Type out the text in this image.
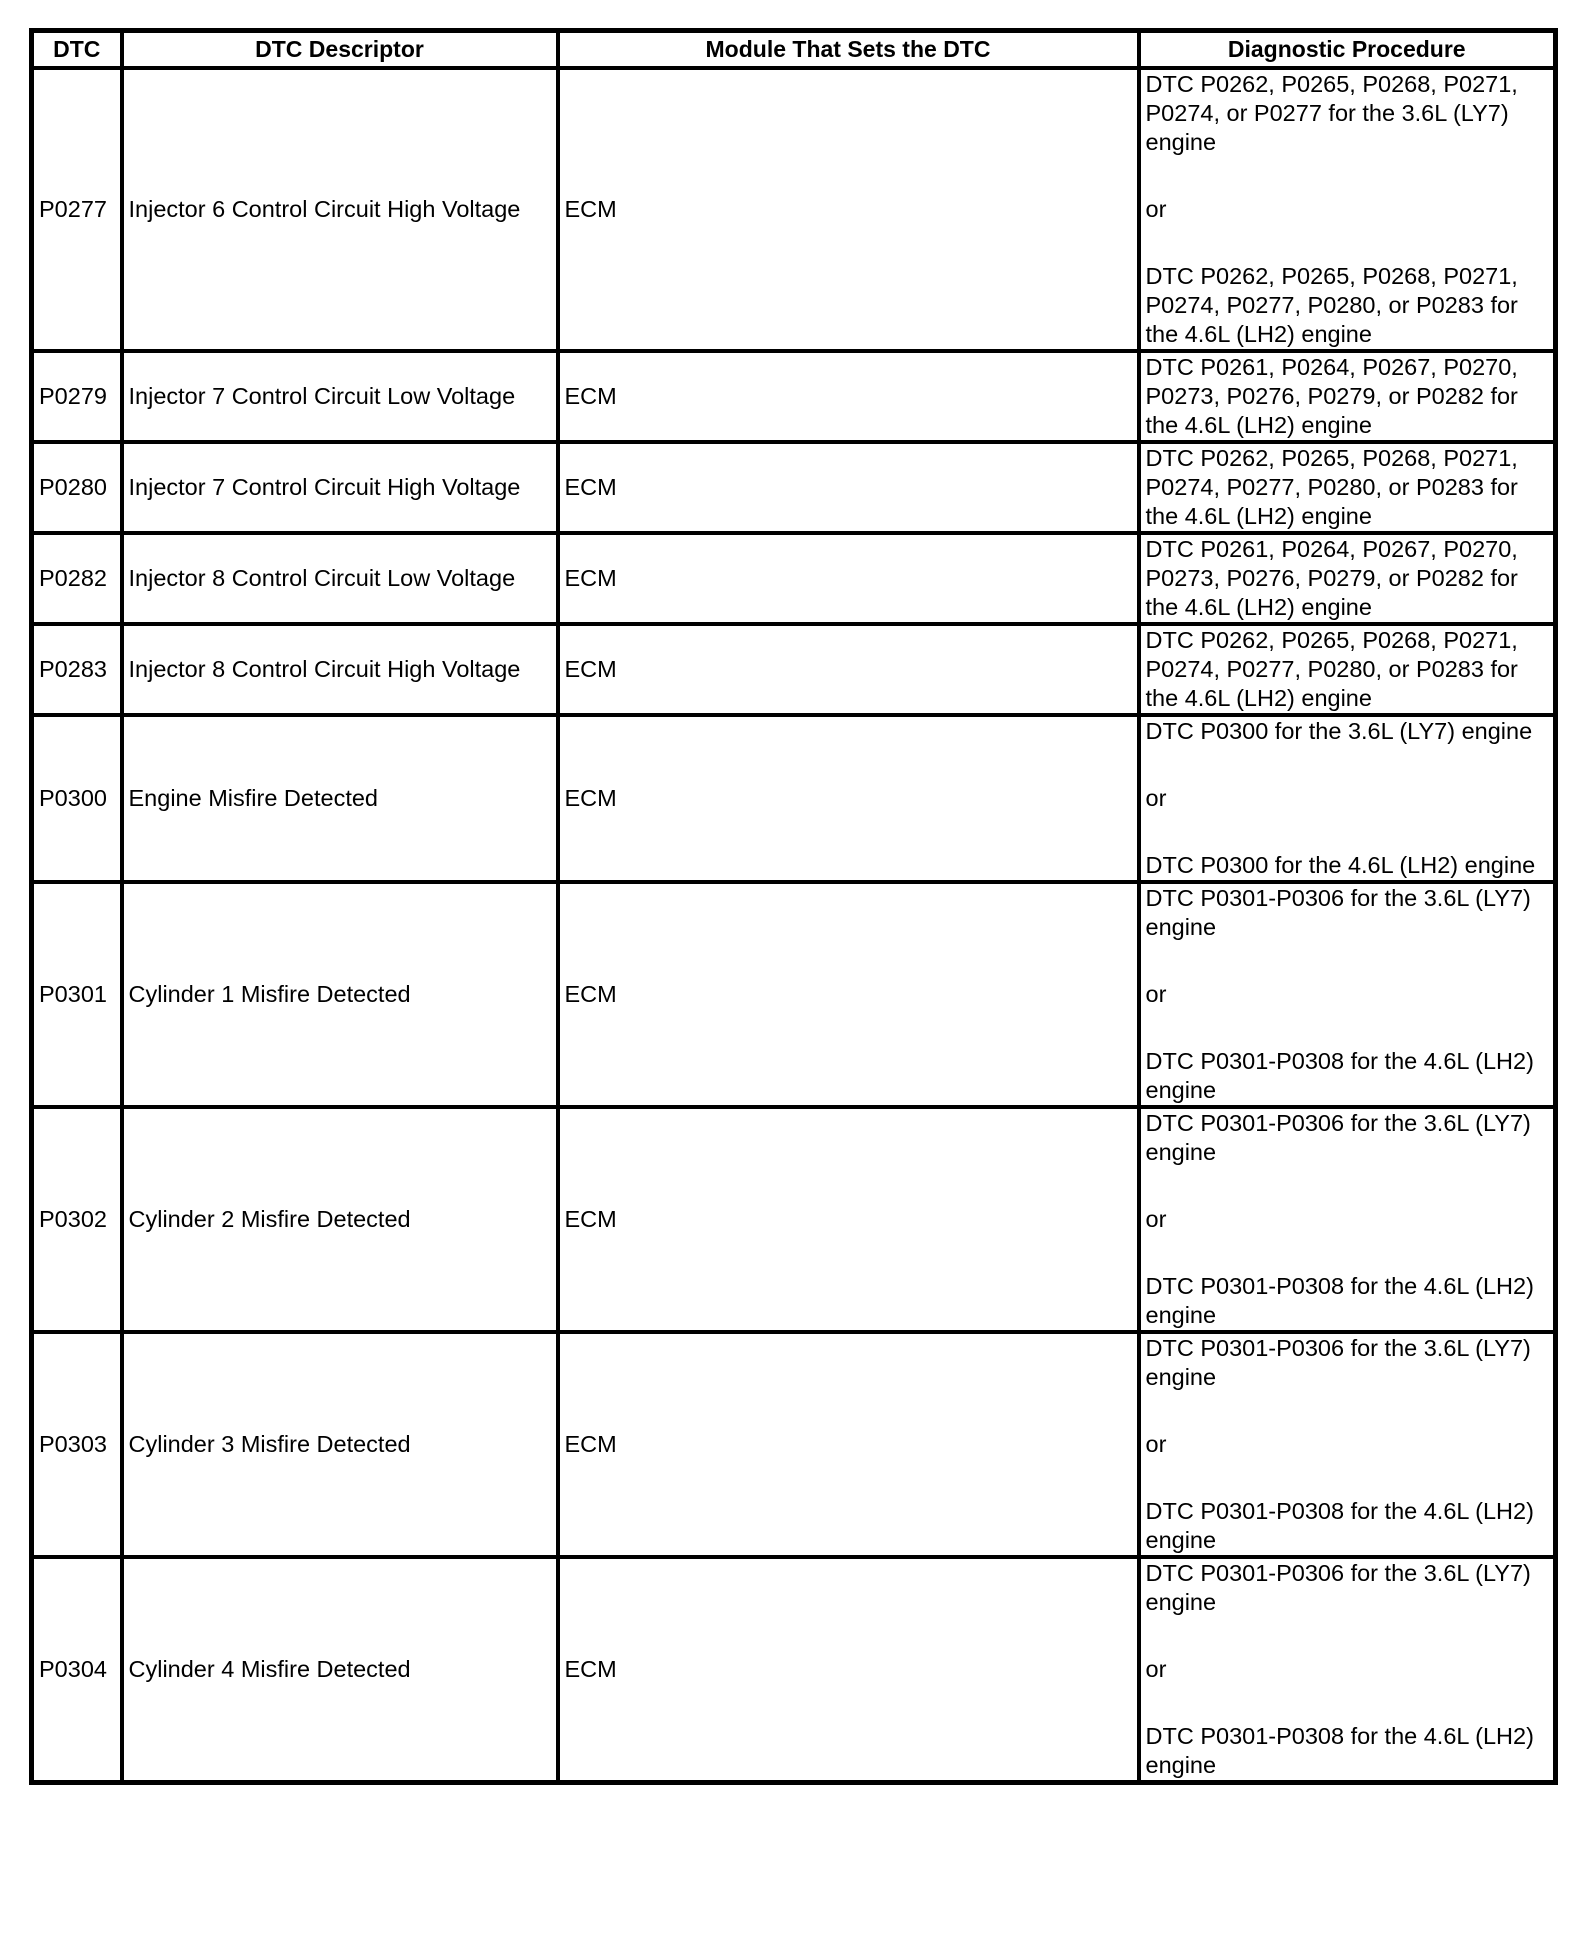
DTC	DTC Descriptor	Module That Sets the DTC	Diagnostic Procedure
P0277	Injector 6 Control Circuit High Voltage	ECM	DTC P0262, P0265, P0268, P0271, P0274, or P0277 for the 3.6L (LY7) engine
or
DTC P0262, P0265, P0268, P0271, P0274, P0277, P0280, or P0283 for the 4.6L (LH2) engine

P0279	Injector 7 Control Circuit Low Voltage	ECM	DTC P0261, P0264, P0267, P0270, P0273, P0276, P0279, or P0282 for the 4.6L (LH2) engine

P0280	Injector 7 Control Circuit High Voltage	ECM	DTC P0262, P0265, P0268, P0271, P0274, P0277, P0280, or P0283 for the 4.6L (LH2) engine

P0282	Injector 8 Control Circuit Low Voltage	ECM	DTC P0261, P0264, P0267, P0270, P0273, P0276, P0279, or P0282 for the 4.6L (LH2) engine

P0283	Injector 8 Control Circuit High Voltage	ECM	DTC P0262, P0265, P0268, P0271, P0274, P0277, P0280, or P0283 for the 4.6L (LH2) engine

P0300	Engine Misfire Detected	ECM	DTC P0300 for the 3.6L (LY7) engine
or
DTC P0300 for the 4.6L (LH2) engine

P0301	Cylinder 1 Misfire Detected	ECM	DTC P0301-P0306 for the 3.6L (LY7) engine
or
DTC P0301-P0308 for the 4.6L (LH2) engine

P0302	Cylinder 2 Misfire Detected	ECM	DTC P0301-P0306 for the 3.6L (LY7) engine
or
DTC P0301-P0308 for the 4.6L (LH2) engine

P0303	Cylinder 3 Misfire Detected	ECM	DTC P0301-P0306 for the 3.6L (LY7) engine
or
DTC P0301-P0308 for the 4.6L (LH2) engine

P0304	Cylinder 4 Misfire Detected	ECM	DTC P0301-P0306 for the 3.6L (LY7) engine
or
DTC P0301-P0308 for the 4.6L (LH2) engine
